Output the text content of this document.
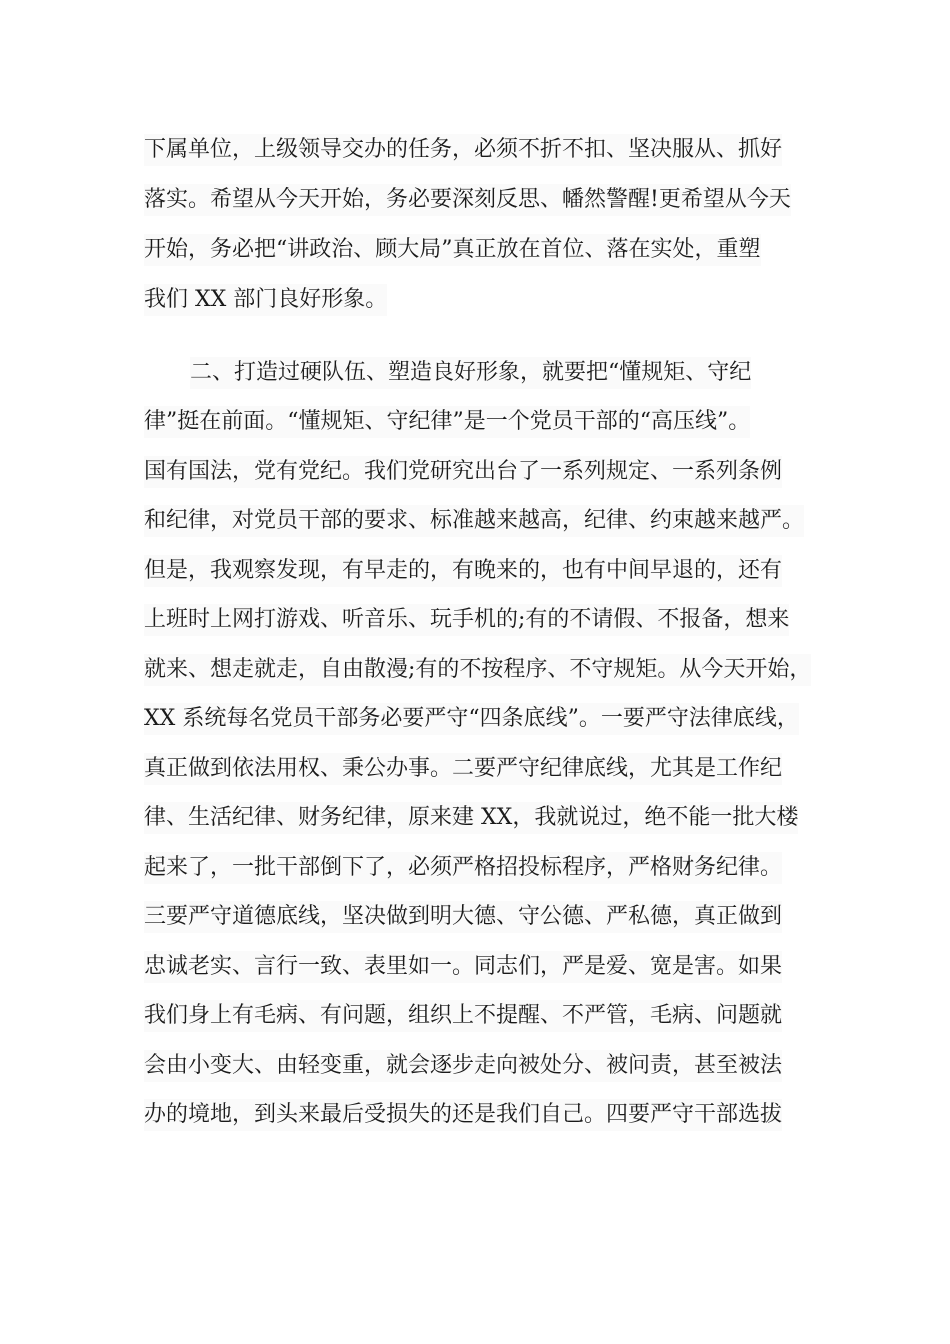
下属单位，上级领导交办的任务，必须不折不扣、坚决服从、抓好
落实。希望从今天开始，务必要深刻反思、幡然警醒!更希望从今天
开始，务必把“讲政治、顾大局”真正放在首位、落在实处，重塑
我们 XX 部门良好形象。
二、打造过硬队伍、塑造良好形象，就要把“懂规矩、守纪
律”挺在前面。“懂规矩、守纪律”是一个党员干部的“高压线”。
国有国法，党有党纪。我们党研究出台了一系列规定、一系列条例
和纪律，对党员干部的要求、标准越来越高，纪律、约束越来越严。
但是，我观察发现，有早走的，有晚来的，也有中间早退的，还有
上班时上网打游戏、听音乐、玩手机的;有的不请假、不报备，想来
就来、想走就走，自由散漫;有的不按程序、不守规矩。从今天开始，
XX 系统每名党员干部务必要严守“四条底线”。一要严守法律底线，
真正做到依法用权、秉公办事。二要严守纪律底线，尤其是工作纪
律、生活纪律、财务纪律，原来建 XX，我就说过，绝不能一批大楼
起来了，一批干部倒下了，必须严格招投标程序，严格财务纪律。
三要严守道德底线，坚决做到明大德、守公德、严私德，真正做到
忠诚老实、言行一致、表里如一。同志们，严是爱、宽是害。如果
我们身上有毛病、有问题，组织上不提醒、不严管，毛病、问题就
会由小变大、由轻变重，就会逐步走向被处分、被问责，甚至被法
办的境地，到头来最后受损失的还是我们自己。四要严守干部选拔
